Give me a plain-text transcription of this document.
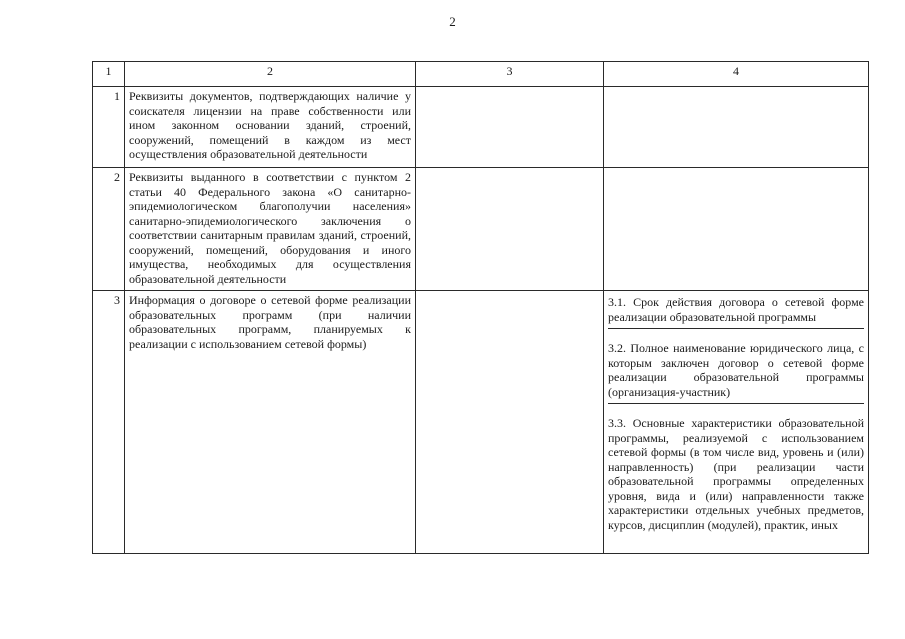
2
1	2	3	4
1	Реквизиты документов, подтверждающих наличие у соискателя лицензии на праве собственности или ином законном основании зданий, строений, сооружений, помещений в каждом из мест осуществления образовательной деятельности		
2	Реквизиты выданного в соответствии с пунктом 2 статьи 40 Федерального закона «О санитарно-эпидемиологическом благополучии населения» санитарно-эпидемиологического заключения о соответствии санитарным правилам зданий, строений, сооружений, помещений, оборудования и иного имущества, необходимых для осуществления образовательной деятельности		
3	Информация о договоре о сетевой форме реализации образовательных программ (при наличии образовательных программ, планируемых к реализации с использованием сетевой формы)		3.1. Срок действия договора о сетевой форме реализации образовательной программы
3.2. Полное наименование юридического лица, с которым заключен договор о сетевой форме реализации образовательной программы (организация-участник)
3.3. Основные характеристики образовательной программы, реализуемой с использованием сетевой формы (в том числе вид, уровень и (или) направленность) (при реализации части образовательной программы определенных уровня, вида и (или) направленности также характеристики отдельных учебных предметов, курсов, дисциплин (модулей), практик, иных
